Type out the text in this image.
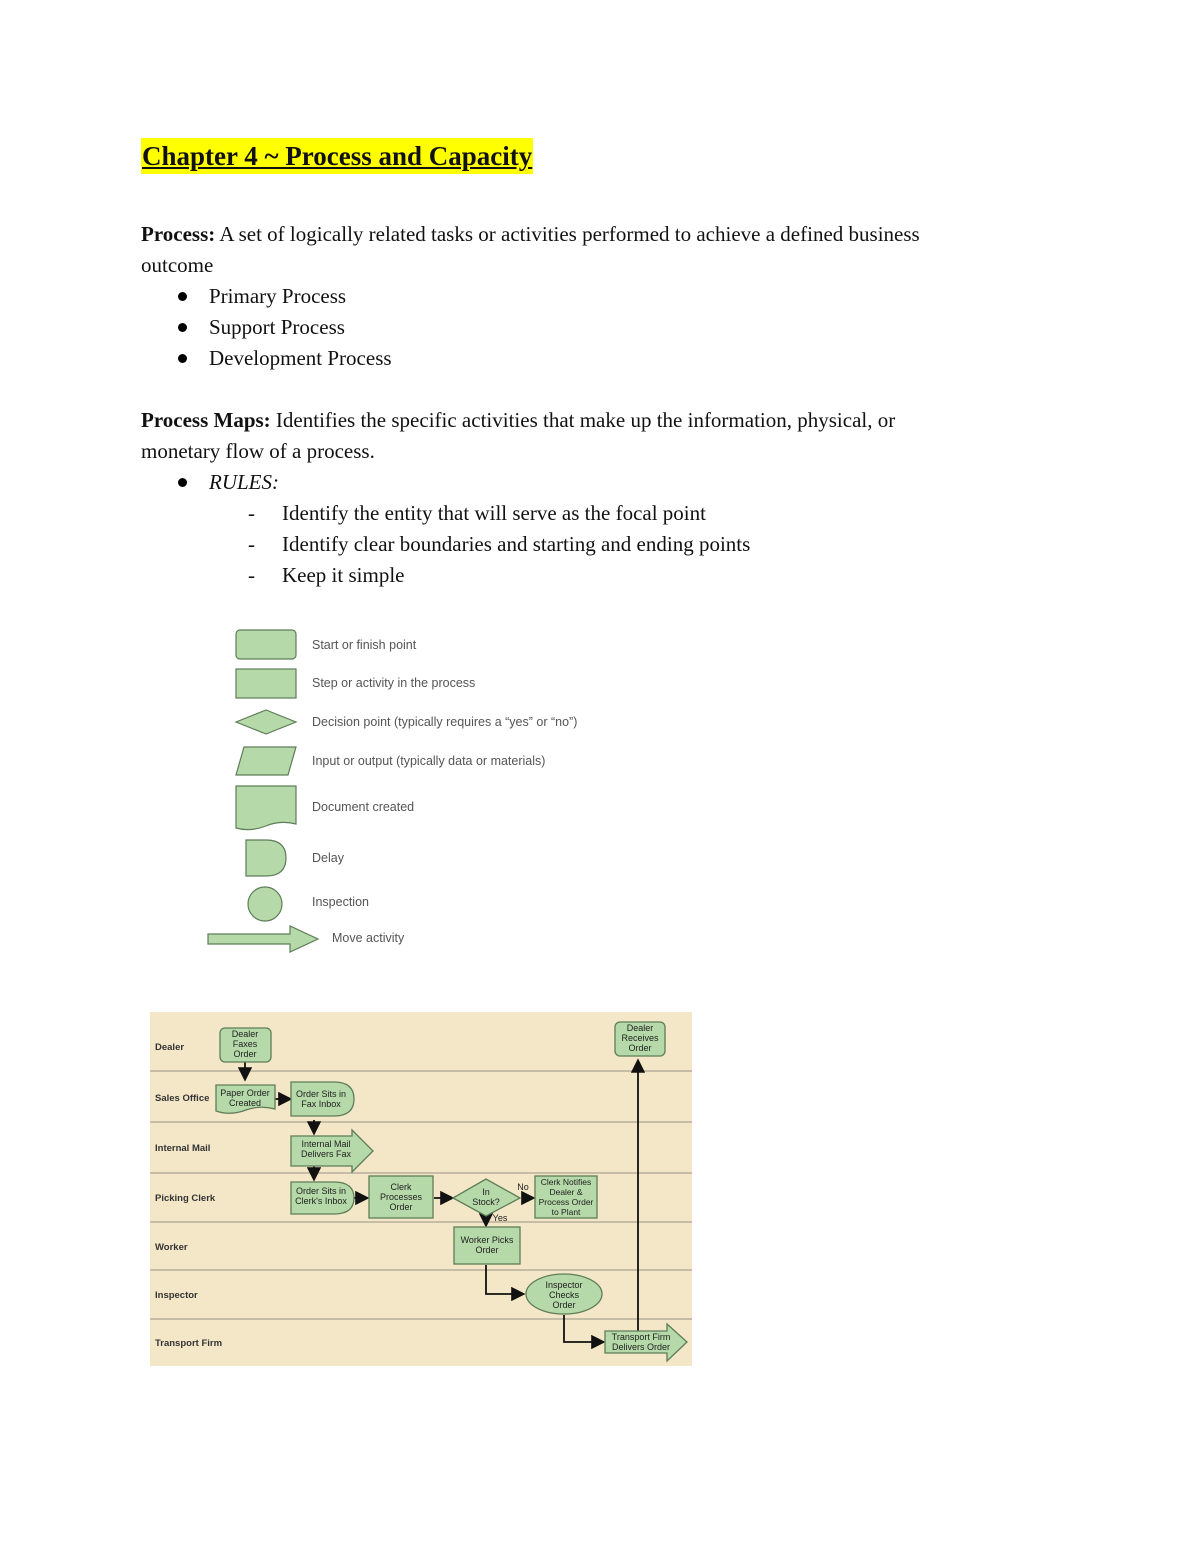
Chapter 4 ~ Process and Capacity
Process: A set of logically related tasks or activities performed to achieve a defined business
outcome
Primary Process
Support Process
Development Process
Process Maps: Identifies the specific activities that make up the information, physical, or
monetary flow of a process.
RULES:
- Identify the entity that will serve as the focal point
- Identify clear boundaries and starting and ending points
- Keep it simple
Start or finish point
Step or activity in the process
Decision point (typically requires a “yes” or “no”)
Input or output (typically data or materials)
Document created
Delay
Inspection
Move activity
Dealer
Sales Office
Internal Mail
Picking Clerk
Worker
Inspector
Transport Firm
Dealer Faxes Order
Paper Order Created
Order Sits in Fax Inbox
Internal Mail Delivers Fax
Order Sits in Clerk's Inbox
Clerk Processes Order
In Stock?
Clerk Notifies Dealer & Process Order to Plant
Worker Picks Order
Inspector Checks Order
Transport Firm Delivers Order
Dealer Receives Order
No
Yes
